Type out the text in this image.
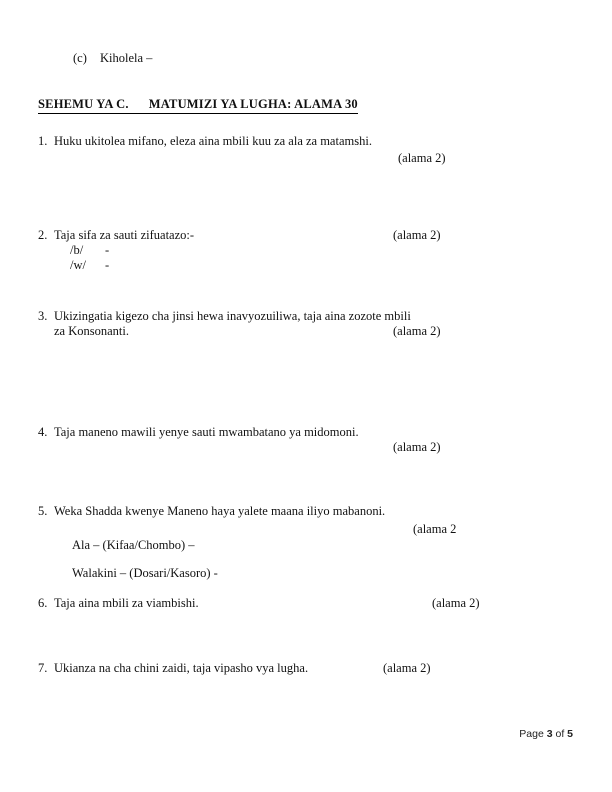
(c) Kiholela –
SEHEMU YA C. MATUMIZI YA LUGHA: ALAMA 30
1. Huku ukitolea mifano, eleza aina mbili kuu za ala za matamshi.
(alama 2)
2. Taja sifa za sauti zifuatazo:-	(alama 2)
/b/ -
/w/ -
3. Ukizingatia kigezo cha jinsi hewa inavyozuiliwa, taja aina zozote mbili
za Konsonanti.	(alama 2)
4. Taja maneno mawili yenye sauti mwambatano ya midomoni.
(alama 2)
5. Weka Shadda kwenye Maneno haya yalete maana iliyo mabanoni.
(alama 2
Ala – (Kifaa/Chombo) –
Walakini – (Dosari/Kasoro) -
6. Taja aina mbili za viambishi.	(alama 2)
7. Ukianza na cha chini zaidi, taja vipasho vya lugha.	(alama 2)
Page 3 of 5
